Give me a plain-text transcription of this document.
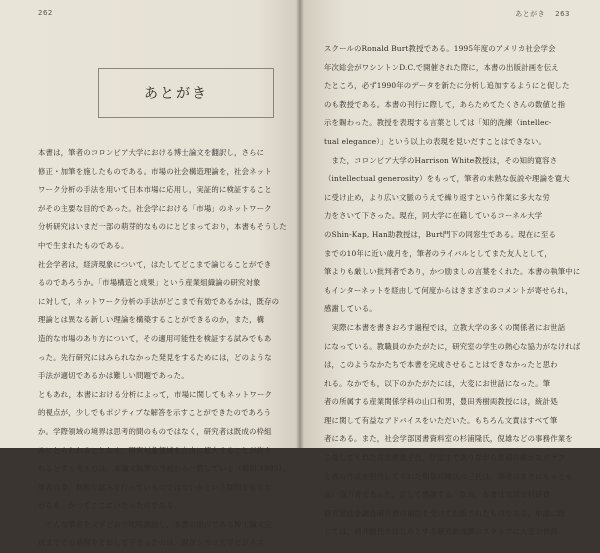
262
あとがき
本書は，筆者のコロンビア大学における博士論文を翻訳し，さらに
修正・加筆を施したものである。市場の社会構造理論を，社会ネット
ワーク分析の手法を用いて日本市場に応用し，実証的に検証すること
がその主要な目的であった。社会学における「市場」のネットワーク
分析研究はいまだ一部の萌芽的なものにとどまっており，本書もそうした
中で生まれたものである。
社会学者は，経済現象について，はたしてどこまで論じることができ
るのであろうか。「市場構造と成果」という産業組織論の研究対象
に対して，ネットワーク分析の手法がどこまで有効であるかは，既存の
理論とは異なる新しい理論を構築することができるのか，また，構
造的な市場のあり方について，その適用可能性を検証する試みでもあ
った。先行研究にはみられなかった発見をするためには，どのような
手法が適切であるかは難しい問題であった。
ともあれ，本書における分析によって，市場に関してもネットワーク
的視点が，少しでもポジティブな解答を示すことができたのであろう
か。学際領域の境界は思考的間のものではなく，研究者は既成の枠組
みにとらわれることなく，研究対象領域を自由に拡大することが許さ
れるとする考え方は，本論文執筆の当初から一貫している（増田 1995）。
筆者自身，無限な試みを行っているのではないかという疑問をもちな
がらも，かつてここにいたったのである。
　そんな筆者を文字どおり叱咤激励し，本書の原点である博士論文完
成までその過程をとおして下さったのは，現在シカゴ大学ビジネス
あとがき 263
スクールのRonald Burt教授である。1995年度のアメリカ社会学会
年次総会がワシントンD.C.で開催された際に，本書の出版計画を伝え
たところ，必ず1990年のデータを新たに分析し追加するようにと促した
のも教授である。本書の刊行に際して，あらためてたくさんの数値と指
示を賜わった。教授を表現する言葉としては「知的洗練（intellec-
tual elegance）」という以上の表現を見いだすことはできない。
　また，コロンビア大学のHarrison White教授は，その知的寛容さ
（intellectual generosity）をもって，筆者の未熟な仮説や理論を寛大
に受け止め，より広い文脈のうえで繰り返すという作業に多大な労
力をさいて下さった。現在，同大学に在籍しているコーネル大学
のShin-Kap, Han助教授は，Burt門下の同窓生である。現在に至る
までの10年に近い歳月を，筆者のライバルとしてまた友人として，
筆よりも厳しい批判者であり，かつ励ましの言葉をくれた。本書の執筆中に
もインターネットを経由して何度からはきまざまのコメントが寄せられ，
感謝している。
　実際に本書を書きおろす過程では，立教大学の多くの関係者にお世話
になっている。教職員のかたがたに，研究室の学生の熱心な協力がなければ
は，このようなかたちで本書を完成させることはできなかったと思わ
れる。なかでも，以下のかたがたには，大変にお世話になった。筆
者の所属する産業関係学科の山口和男，豊田秀樹両教授には，統計処
理に関して有益なアドバイスをいただいた。もちろん文責はすべて筆
者にある。また，社会学部図書資料室の杉浦隆氏，倪雄などの事務作業を
こなしてくれた宮原理恵子氏，学部生でありながら原稿の細かなグラフ
と表の作成を担当してくれた和泉邦晴氏の三氏は，筆者のまさにもっとも
良い協力者であった。記して感謝する。なお，本書は文部省科研費
研究奨励金調査研究費の補助を受けて出版されたものである。申請に際
しては，酒井駿氏をはじめとする研究助成課のスタッフに大変お世話
